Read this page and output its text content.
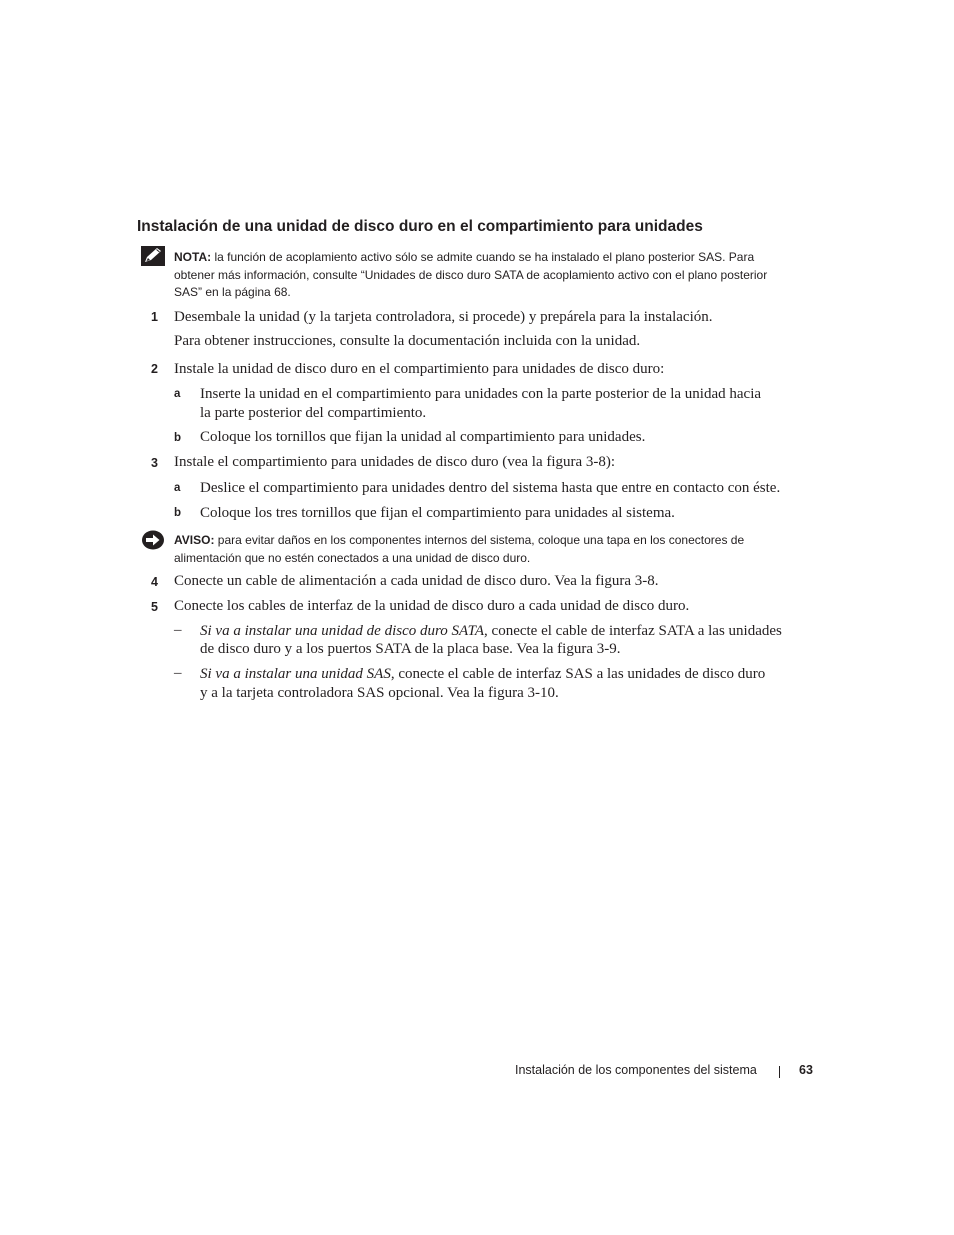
Instalación de una unidad de disco duro en el compartimiento para unidades
NOTA: la función de acoplamiento activo sólo se admite cuando se ha instalado el plano posterior SAS. Para
obtener más información, consulte “Unidades de disco duro SATA de acoplamiento activo con el plano posterior
SAS” en la página 68.
1 Desembale la unidad (y la tarjeta controladora, si procede) y prepárela para la instalación.
Para obtener instrucciones, consulte la documentación incluida con la unidad.
2 Instale la unidad de disco duro en el compartimiento para unidades de disco duro:
a Inserte la unidad en el compartimiento para unidades con la parte posterior de la unidad hacia
la parte posterior del compartimiento.
b Coloque los tornillos que fijan la unidad al compartimiento para unidades.
3 Instale el compartimiento para unidades de disco duro (vea la figura 3-8):
a Deslice el compartimiento para unidades dentro del sistema hasta que entre en contacto con éste.
b Coloque los tres tornillos que fijan el compartimiento para unidades al sistema.
AVISO: para evitar daños en los componentes internos del sistema, coloque una tapa en los conectores de
alimentación que no estén conectados a una unidad de disco duro.
4 Conecte un cable de alimentación a cada unidad de disco duro. Vea la figura 3-8.
5 Conecte los cables de interfaz de la unidad de disco duro a cada unidad de disco duro.
– Si va a instalar una unidad de disco duro SATA, conecte el cable de interfaz SATA a las unidades
de disco duro y a los puertos SATA de la placa base. Vea la figura 3-9.
– Si va a instalar una unidad SAS, conecte el cable de interfaz SAS a las unidades de disco duro
y a la tarjeta controladora SAS opcional. Vea la figura 3-10.
Instalación de los componentes del sistema	63
